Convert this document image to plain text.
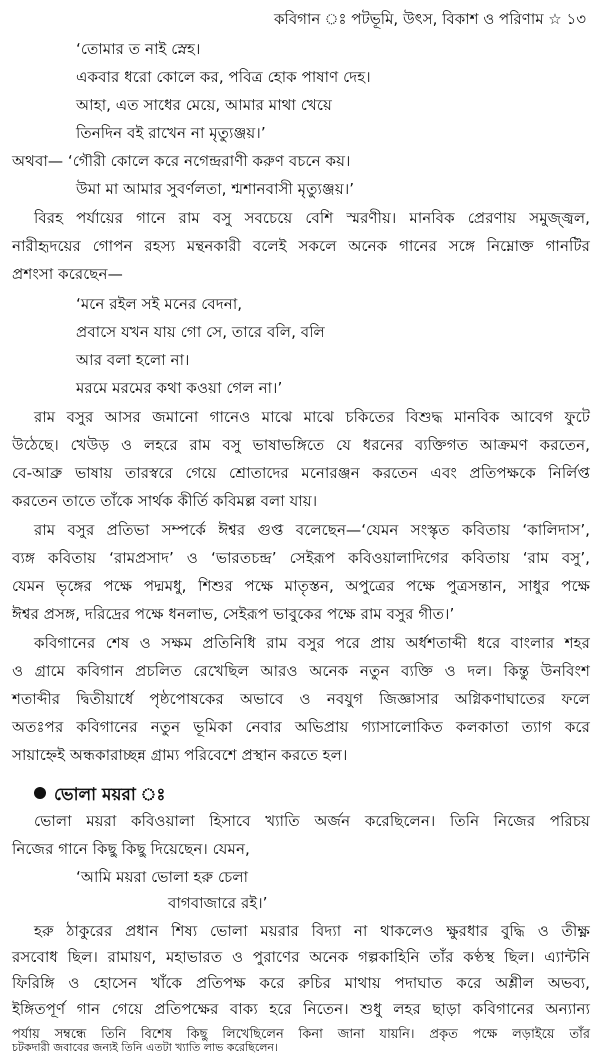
কবিগান ঃ পটভূমি, উৎস, বিকাশ ও পরিণাম ☆ ১৩
‘তোমার ত নাই স্নেহ।
একবার ধরো কোলে কর, পবিত্র হোক পাষাণ দেহ।
আহা, এত সাধের মেয়ে, আমার মাথা খেয়ে
তিনদিন বই রাখেন না মৃত্যুঞ্জয়।’
অথবা— ‘গৌরী কোলে করে নগেন্দ্ররাণী করুণ বচনে কয়।
উমা মা আমার সুবর্ণলতা, শ্মশানবাসী মৃত্যুঞ্জয়।’
বিরহ পর্যায়ের গানে রাম বসু সবচেয়ে বেশি স্মরণীয়। মানবিক প্রেরণায় সমুজ্জ্বল,
নারীহৃদয়ের গোপন রহস্য মন্থনকারী বলেই সকলে অনেক গানের সঙ্গে নিম্নোক্ত গানটির
প্রশংসা করেছেন—
‘মনে রইল সই মনের বেদনা,
প্রবাসে যখন যায় গো সে, তারে বলি, বলি
আর বলা হলো না।
মরমে মরমের কথা কওয়া গেল না।’
রাম বসুর আসর জমানো গানেও মাঝে মাঝে চকিতের বিশুদ্ধ মানবিক আবেগ ফুটে
উঠেছে। খেউড় ও লহরে রাম বসু ভাষাভঙ্গিতে যে ধরনের ব্যক্তিগত আক্রমণ করতেন,
বে-আব্রু ভাষায় তারস্বরে গেয়ে শ্রোতাদের মনোরঞ্জন করতেন এবং প্রতিপক্ষকে নির্লিপ্ত
করতেন তাতে তাঁকে সার্থক কীর্তি কবিমল্ল বলা যায়।
রাম বসুর প্রতিভা সম্পর্কে ঈশ্বর গুপ্ত বলেছেন—‘যেমন সংস্কৃত কবিতায় ‘কালিদাস’,
ব্যঙ্গ কবিতায় ‘রামপ্রসাদ’ ও ‘ভারতচন্দ্র’ সেইরূপ কবিওয়ালাদিগের কবিতায় ‘রাম বসু’,
যেমন ভৃঙ্গের পক্ষে পদ্মমধু, শিশুর পক্ষে মাতৃস্তন, অপুত্রের পক্ষে পুত্রসন্তান, সাধুর পক্ষে
ঈশ্বর প্রসঙ্গ, দরিদ্রের পক্ষে ধনলাভ, সেইরূপ ভাবুকের পক্ষে রাম বসুর গীত।’
কবিগানের শেষ ও সক্ষম প্রতিনিধি রাম বসুর পরে প্রায় অর্ধশতাব্দী ধরে বাংলার শহর
ও গ্রামে কবিগান প্রচলিত রেখেছিল আরও অনেক নতুন ব্যক্তি ও দল। কিন্তু উনবিংশ
শতাব্দীর দ্বিতীয়ার্ধে পৃষ্ঠপোষকের অভাবে ও নবযুগ জিজ্ঞাসার অগ্নিকণাঘাতের ফলে
অতঃপর কবিগানের নতুন ভূমিকা নেবার অভিপ্রায় গ্যাসালোকিত কলকাতা ত্যাগ করে
সায়াহ্নেই অন্ধকারাচ্ছন্ন গ্রাম্য পরিবেশে প্রস্থান করতে হল।
ভোলা ময়রা ঃ
ভোলা ময়রা কবিওয়ালা হিসাবে খ্যাতি অর্জন করেছিলেন। তিনি নিজের পরিচয়
নিজের গানে কিছু কিছু দিয়েছেন। যেমন,
‘আমি ময়রা ভোলা হরু চেলা
বাগবাজারে রই।’
হরু ঠাকুরের প্রধান শিষ্য ভোলা ময়রার বিদ্যা না থাকলেও ক্ষুরধার বুদ্ধি ও তীক্ষ্ণ
রসবোধ ছিল। রামায়ণ, মহাভারত ও পুরাণের অনেক গল্পকাহিনি তাঁর কণ্ঠস্থ ছিল। এ্যান্টনি
ফিরিঙ্গি ও হোসেন খাঁকে প্রতিপক্ষ করে রুচির মাথায় পদাঘাত করে অশ্লীল অভব্য,
ইঙ্গিতপূর্ণ গান গেয়ে প্রতিপক্ষের বাক্য হরে নিতেন। শুধু লহর ছাড়া কবিগানের অন্যান্য
পর্যায় সম্বন্ধে তিনি বিশেষ কিছু লিখেছিলেন কিনা জানা যায়নি। প্রকৃত পক্ষে লড়াইয়ে তাঁর
চটকদারী জবাবের জন্যই তিনি এতটা খ্যাতি লাভ করেছিলেন।
